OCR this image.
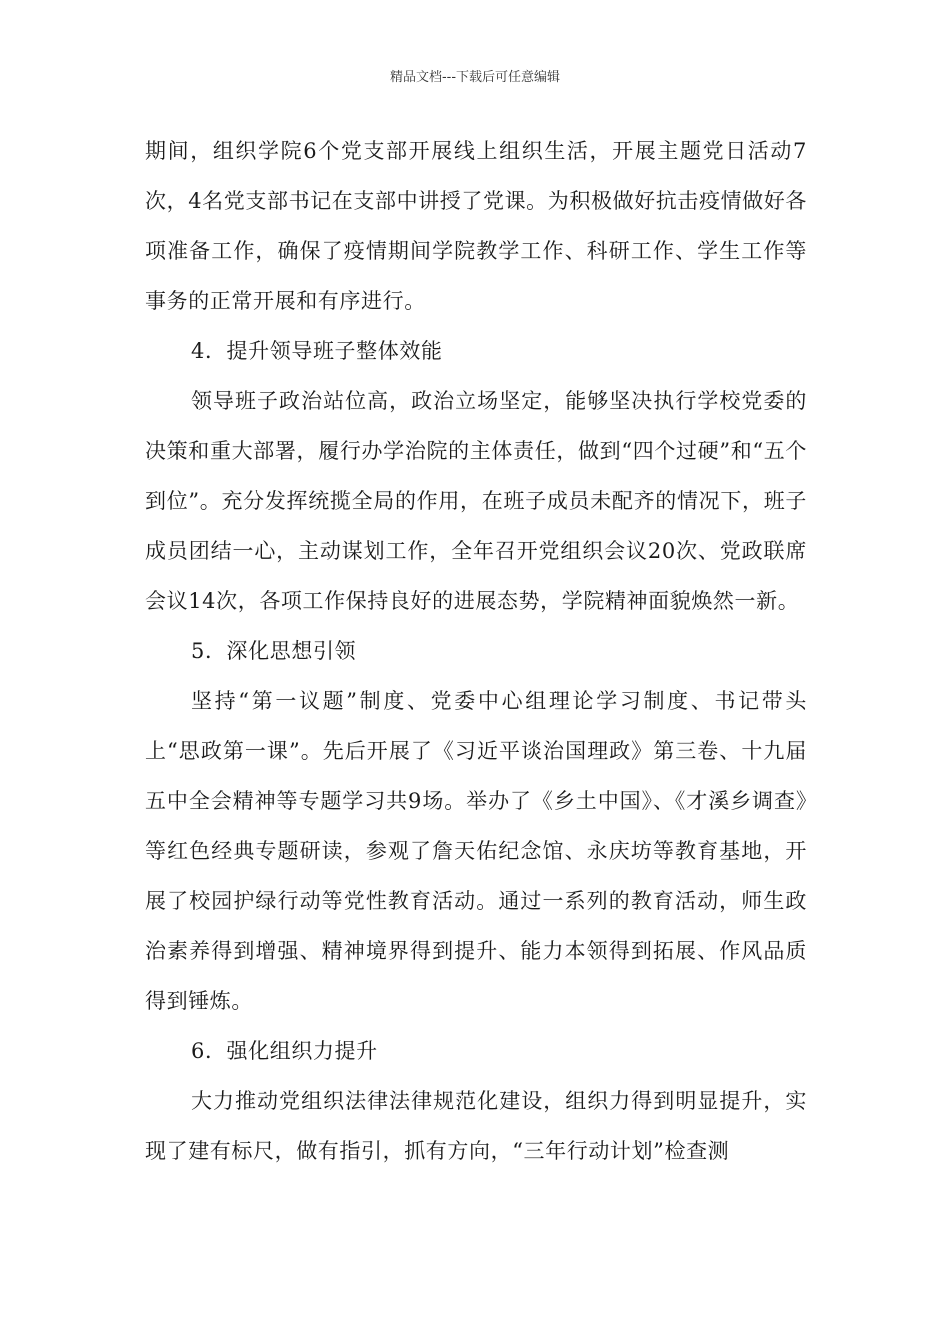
精品文档---下载后可任意编辑

期间，组织学院6个党支部开展线上组织生活，开展主题党日活动7次，4名党支部书记在支部中讲授了党课。为积极做好抗击疫情做好各项准备工作，确保了疫情期间学院教学工作、科研工作、学生工作等事务的正常开展和有序进行。

4．提升领导班子整体效能

领导班子政治站位高，政治立场坚定，能够坚决执行学校党委的决策和重大部署，履行办学治院的主体责任，做到“四个过硬”和“五个到位”。充分发挥统揽全局的作用，在班子成员未配齐的情况下，班子成员团结一心，主动谋划工作，全年召开党组织会议20次、党政联席会议14次，各项工作保持良好的进展态势，学院精神面貌焕然一新。

5．深化思想引领

坚持“第一议题”制度、党委中心组理论学习制度、书记带头上“思政第一课”。先后开展了《习近平谈治国理政》第三卷、十九届五中全会精神等专题学习共9场。举办了《乡土中国》、《才溪乡调查》等红色经典专题研读，参观了詹天佑纪念馆、永庆坊等教育基地，开展了校园护绿行动等党性教育活动。通过一系列的教育活动，师生政治素养得到增强、精神境界得到提升、能力本领得到拓展、作风品质得到锤炼。

6．强化组织力提升

大力推动党组织法律法律规范化建设，组织力得到明显提升，实现了建有标尺，做有指引，抓有方向，“三年行动计划”检查测
